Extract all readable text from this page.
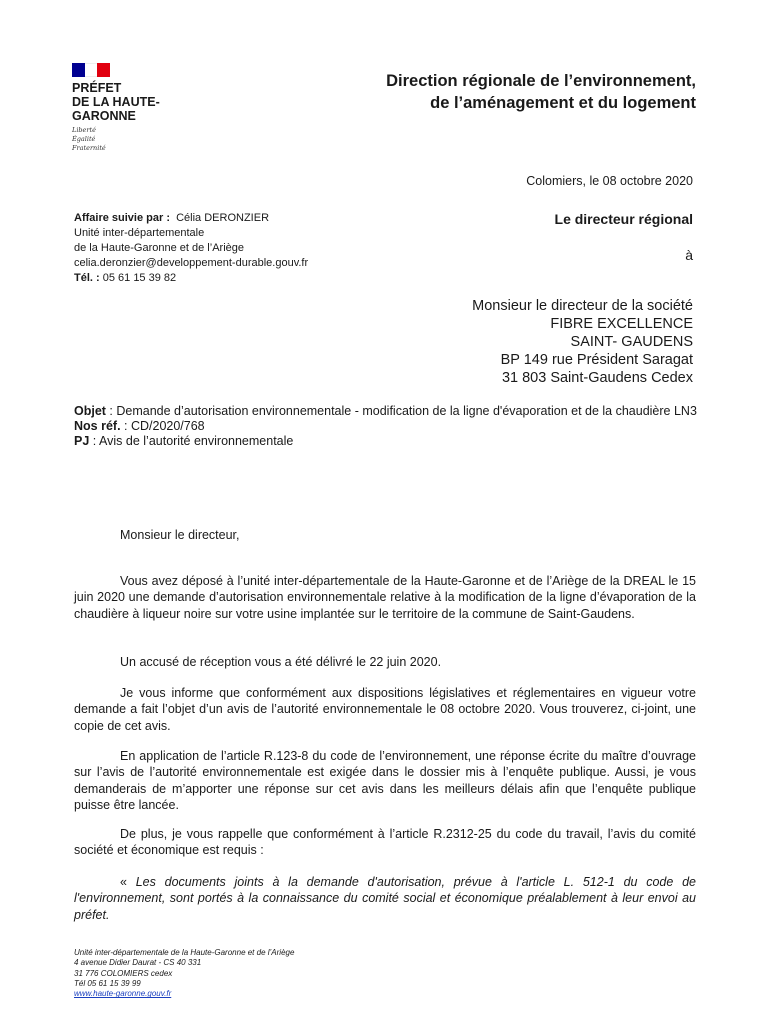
PRÉFET
DE LA HAUTE-
GARONNE
Liberté
Égalité
Fraternité
Direction régionale de l’environnement,
de l’aménagement et du logement
Colomiers, le 08 octobre 2020
Affaire suivie par : Célia DERONZIER
Unité inter-départementale
de la Haute-Garonne et de l’Ariège
celia.deronzier@developpement-durable.gouv.fr
Tél. : 05 61 15 39 82
Le directeur régional
à
Monsieur le directeur de la société
FIBRE EXCELLENCE
SAINT- GAUDENS
BP 149 rue Président Saragat
31 803 Saint-Gaudens Cedex
Objet : Demande d’autorisation environnementale - modification de la ligne d'évaporation et de la chaudière LN3
Nos réf. : CD/2020/768
PJ : Avis de l’autorité environnementale
Monsieur le directeur,

Vous avez déposé à l’unité inter-départementale de la Haute-Garonne et de l’Ariège de la DREAL le 15 juin 2020 une demande d’autorisation environnementale relative à la modification de la ligne d’évaporation de la chaudière à liqueur noire sur votre usine implantée sur le territoire de la commune de Saint-Gaudens.

Un accusé de réception vous a été délivré le 22 juin 2020.

Je vous informe que conformément aux dispositions législatives et réglementaires en vigueur votre demande a fait l’objet d’un avis de l’autorité environnementale le 08 octobre 2020. Vous trouverez, ci-joint, une copie de cet avis.

En application de l’article R.123-8 du code de l’environnement, une réponse écrite du maître d’ouvrage sur l’avis de l’autorité environnementale est exigée dans le dossier mis à l’enquête publique. Aussi, je vous demanderais de m’apporter une réponse sur cet avis dans les meilleurs délais afin que l’enquête publique puisse être lancée.

De plus, je vous rappelle que conformément à l’article R.2312-25 du code du travail, l’avis du comité société et économique est requis :

« Les documents joints à la demande d'autorisation, prévue à l'article L. 512-1 du code de l'environnement, sont portés à la connaissance du comité social et économique préalablement à leur envoi au préfet.

Unité inter-départementale de la Haute-Garonne et de l’Ariège
4 avenue Didier Daurat - CS 40 331
31 776 COLOMIERS cedex
Tél 05 61 15 39 99
www.haute-garonne.gouv.fr
